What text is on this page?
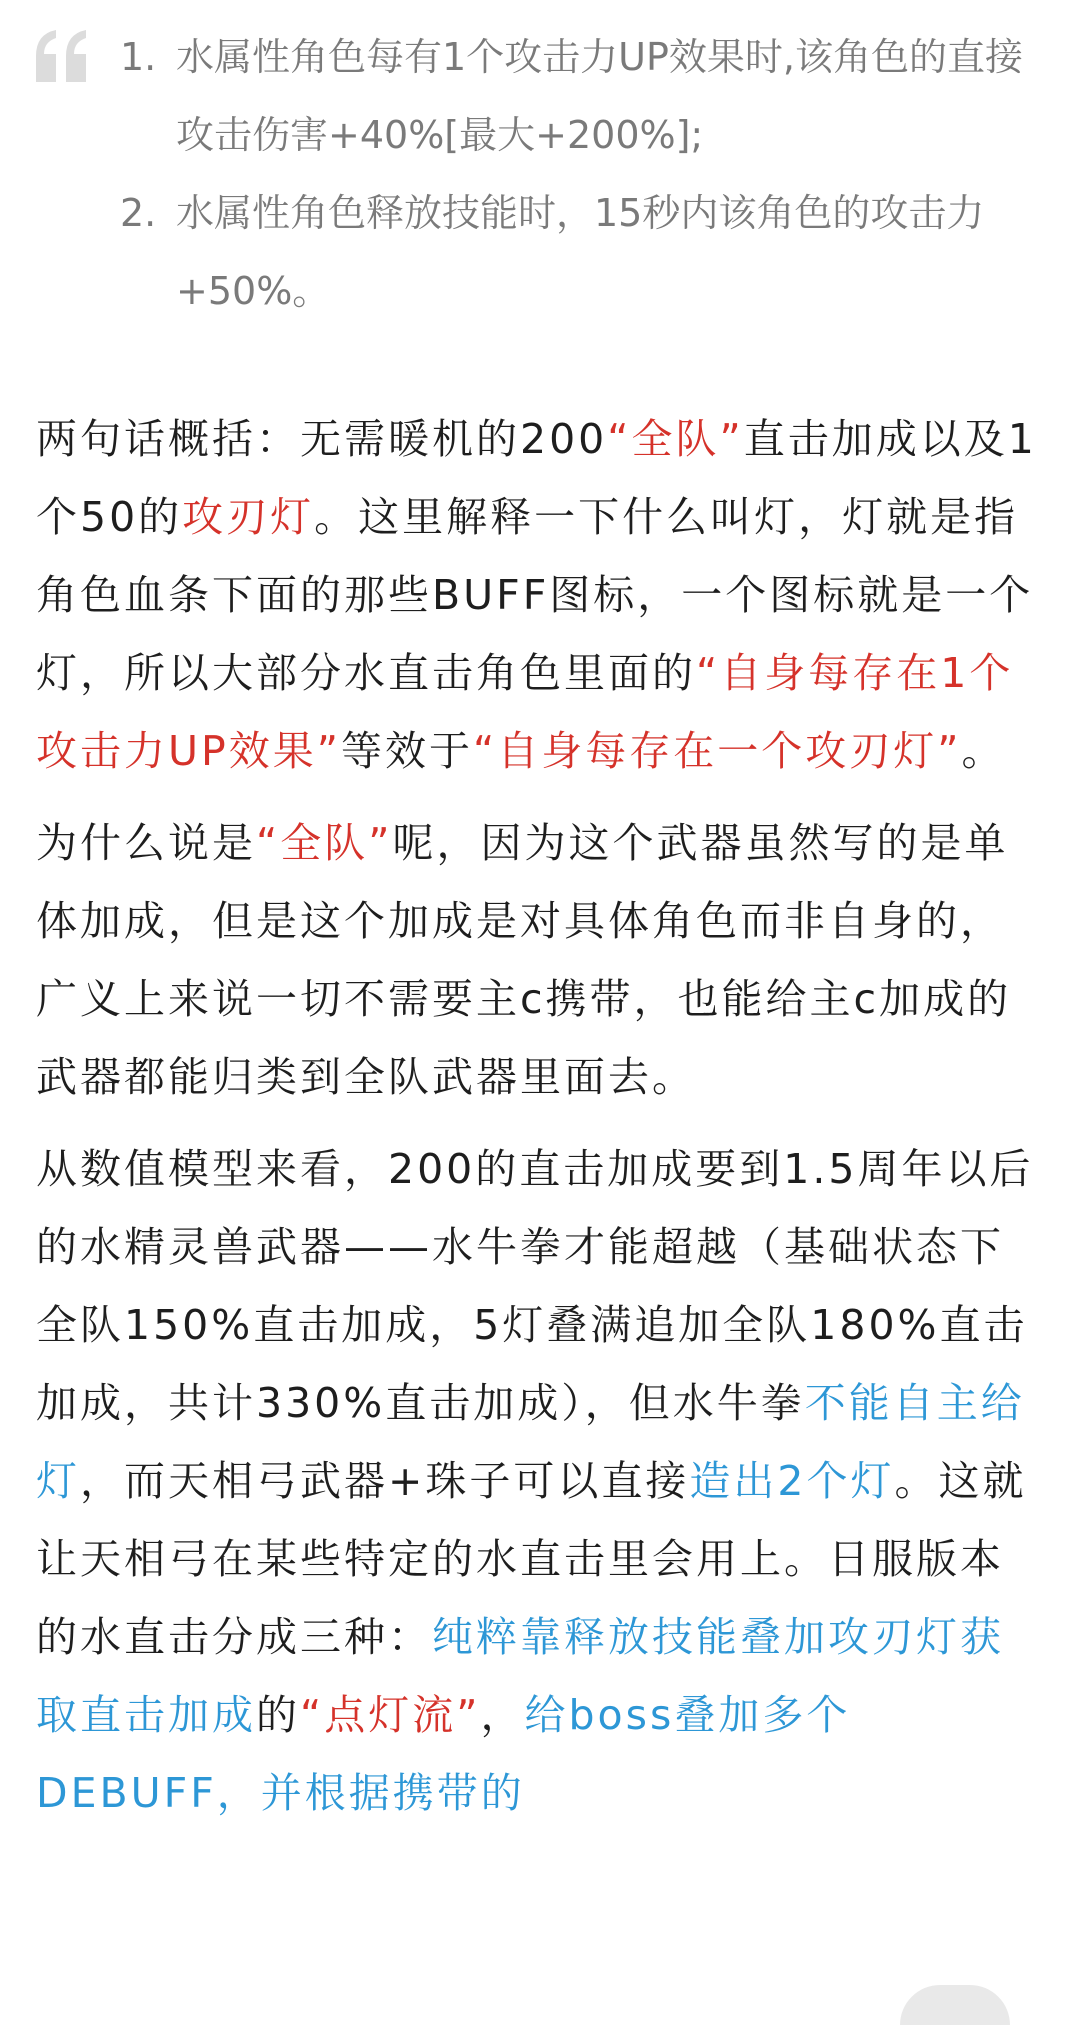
1. 水属性角色每有1个攻击力UP效果时,该角色的直接攻击伤害+40%[最大+200%];
2. 水属性角色释放技能时，15秒内该角色的攻击力+50%。

两句话概括：无需暖机的200“全队”直击加成以及1个50的攻刃灯。这里解释一下什么叫灯，灯就是指角色血条下面的那些BUFF图标，一个图标就是一个灯，所以大部分水直击角色里面的“自身每存在1个攻击力UP效果”等效于“自身每存在一个攻刃灯”。

为什么说是“全队”呢，因为这个武器虽然写的是单体加成，但是这个加成是对具体角色而非自身的，广义上来说一切不需要主c携带，也能给主c加成的武器都能归类到全队武器里面去。

从数值模型来看，200的直击加成要到1.5周年以后的水精灵兽武器——水牛拳才能超越（基础状态下全队150%直击加成，5灯叠满追加全队180%直击加成，共计330%直击加成），但水牛拳不能自主给灯，而天相弓武器+珠子可以直接造出2个灯。这就让天相弓在某些特定的水直击里会用上。日服版本的水直击分成三种：纯粹靠释放技能叠加攻刃灯获取直击加成的“点灯流”，给boss叠加多个DEBUFF，并根据携带的
